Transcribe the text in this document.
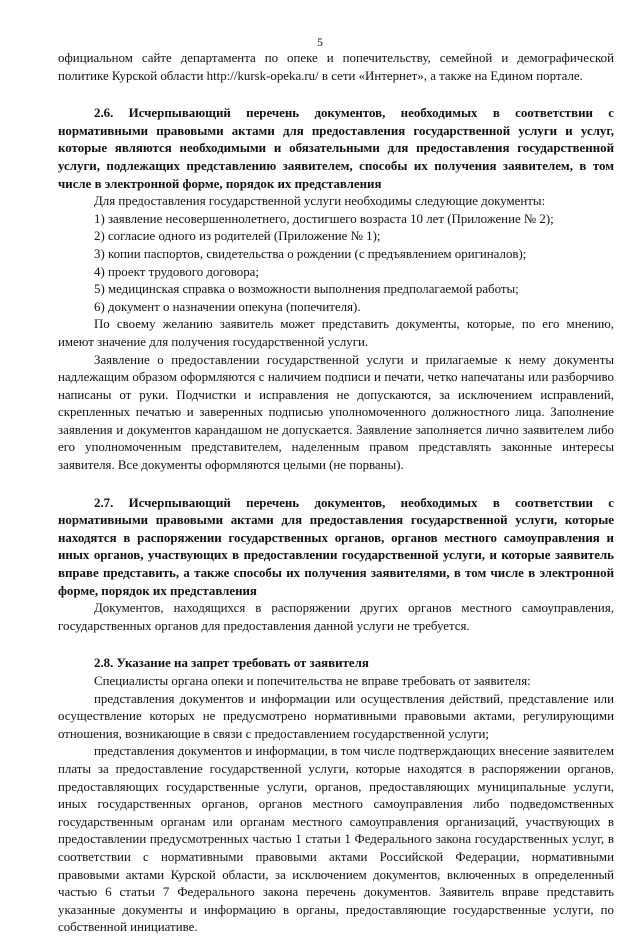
5

официальном сайте департамента по опеке и попечительству, семейной и демографической политике Курской области http://kursk-opeka.ru/ в сети «Интернет», а также на Едином портале.

2.6. Исчерпывающий перечень документов, необходимых в соответствии с нормативными правовыми актами для предоставления государственной услуги и услуг, которые являются необходимыми и обязательными для предоставления государственной услуги, подлежащих представлению заявителем, способы их получения заявителем, в том числе в электронной форме, порядок их представления

Для предоставления государственной услуги необходимы следующие документы:

1) заявление несовершеннолетнего, достигшего возраста 10 лет (Приложение № 2);

2) согласие одного из родителей (Приложение № 1);

3) копии паспортов, свидетельства о рождении (с предъявлением оригиналов);

4) проект трудового договора;

5) медицинская справка о возможности выполнения предполагаемой работы;

6) документ о назначении опекуна (попечителя).

По своему желанию заявитель может представить документы, которые, по его мнению, имеют значение для получения государственной услуги.

Заявление о предоставлении государственной услуги и прилагаемые к нему документы надлежащим образом оформляются с наличием подписи и печати, четко напечатаны или разборчиво написаны от руки. Подчистки и исправления не допускаются, за исключением исправлений, скрепленных печатью и заверенных подписью уполномоченного должностного лица. Заполнение заявления и документов карандашом не допускается. Заявление заполняется лично заявителем либо его уполномоченным представителем, наделенным правом представлять законные интересы заявителя. Все документы оформляются целыми (не порваны).

2.7. Исчерпывающий перечень документов, необходимых в соответствии с нормативными правовыми актами для предоставления государственной услуги, которые находятся в распоряжении государственных органов, органов местного самоуправления и иных органов, участвующих в предоставлении государственной услуги, и которые заявитель вправе представить, а также способы их получения заявителями, в том числе в электронной форме, порядок их представления

Документов, находящихся в распоряжении других органов местного самоуправления, государственных органов для предоставления данной услуги не требуется.

2.8. Указание на запрет требовать от заявителя

Специалисты органа опеки и попечительства не вправе требовать от заявителя:

представления документов и информации или осуществления действий, представление или осуществление которых не предусмотрено нормативными правовыми актами, регулирующими отношения, возникающие в связи с предоставлением государственной услуги;

представления документов и информации, в том числе подтверждающих внесение заявителем платы за предоставление государственной услуги, которые находятся в распоряжении органов, предоставляющих государственные услуги, органов, предоставляющих муниципальные услуги, иных государственных органов, органов местного самоуправления либо подведомственных государственным органам или органам местного самоуправления организаций, участвующих в предоставлении предусмотренных частью 1 статьи 1 Федерального закона государственных услуг, в соответствии с нормативными правовыми актами Российской Федерации, нормативными правовыми актами Курской области, за исключением документов, включенных в определенный частью 6 статьи 7 Федерального закона перечень документов. Заявитель вправе представить указанные документы и информацию в органы, предоставляющие государственные услуги, по собственной инициативе.
